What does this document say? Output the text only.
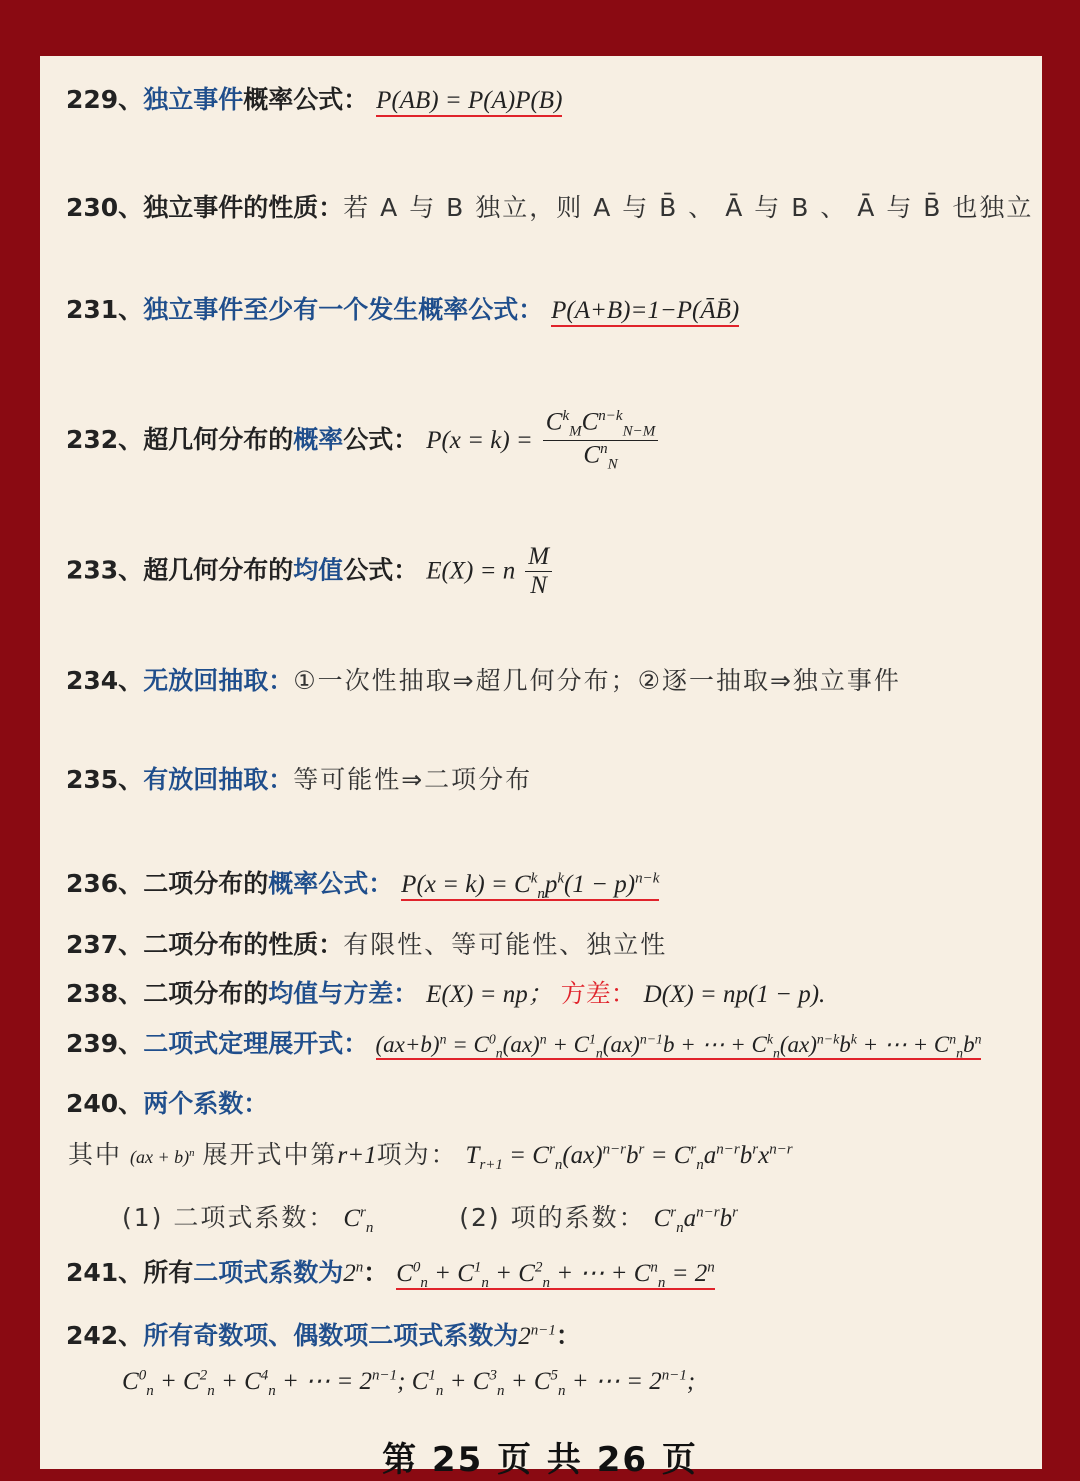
229、独立事件概率公式： P(AB) = P(A)P(B)
230、独立事件的性质：若 A 与 B 独立，则 A 与 B̄ 、 Ā 与 B 、 Ā 与 B̄ 也独立
231、独立事件至少有一个发生概率公式： P(A+B)=1−P(ĀB̄)
232、超几何分布的概率公式： $P(x = k) = \frac{C^k_MC^{n-k}_{N-M}}{C^n_N}$
233、超几何分布的均值公式： E(X) = n $\frac{M}{N}$
234、无放回抽取：①一次性抽取⇒超几何分布；②逐一抽取⇒独立事件
235、有放回抽取：等可能性⇒二项分布
236、二项分布的概率公式： $P(x = k) = C^k_np^k(1 - p)^{n-k}$
237、二项分布的性质：有限性、等可能性、独立性
238、二项分布的均值与方差： E(X) = np； 方差： D(X) = np(1 − p).
239、二项式定理展开式： $(ax+b)^n = C^0_n(ax)^n + C^1_n(ax)^{n-1}b$ + ⋯ + $C^k_n(ax)^{n-k}b^k$ + ⋯ + $C^n_nb^n$
240、两个系数：
其中 (ax + b)$^n$ 展开式中第r+1项为： $T_{r+1} = C^r_n(ax)^{n-r}b^r = C^r_na^{n-r}b^rx^{n-r}$
(1) 二项式系数： $C^r_n$	(2) 项的系数： $C^r_na^{n-r}b^r$
241、所有二项式系数为2$^n$： $C^0_n + C^1_n + C^2_n$ + ⋯ + $C^n_n = 2^n$
242、所有奇数项、偶数项二项式系数为$2^{n-1}$：
$C^0_n + C^2_n + C^4_n$ + ⋯ = $2^{n-1}$; $C^1_n + C^3_n + C^5_n$ + ⋯ = $2^{n-1}$;
第 25 页 共 26 页
